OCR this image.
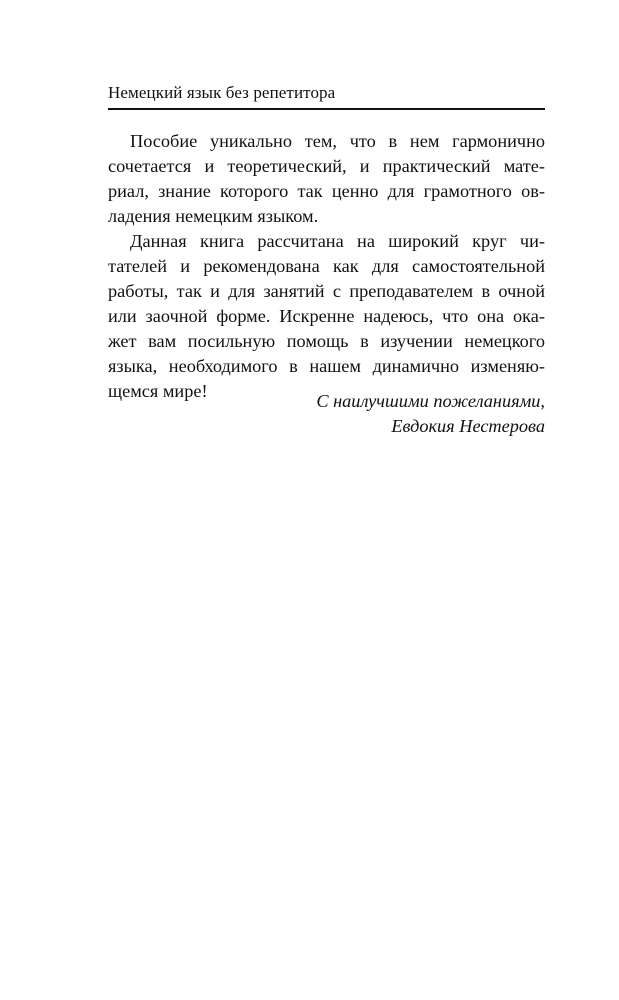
Немецкий язык без репетитора
Пособие уникально тем, что в нем гармонично
сочетается и теоретический, и практический мате-
риал, знание которого так ценно для грамотного ов-
ладения немецким языком.
Данная книга рассчитана на широкий круг чи-
тателей и рекомендована как для самостоятельной
работы, так и для занятий с преподавателем в очной
или заочной форме. Искренне надеюсь, что она ока-
жет вам посильную помощь в изучении немецкого
языка, необходимого в нашем динамично изменяю-
щемся мире!	С наилучшими пожеланиями,
Евдокия Нестерова
